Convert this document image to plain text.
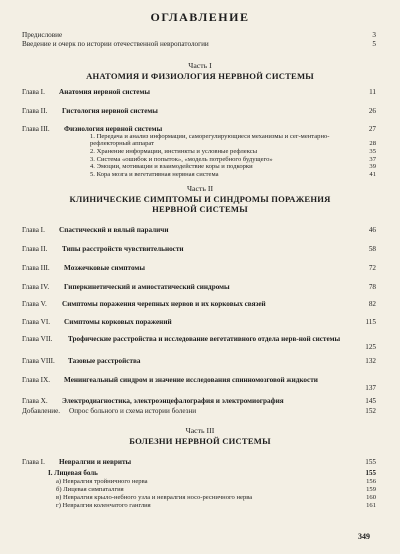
ОГЛАВЛЕНИЕ
Предисловие	3
Введение и очерк по истории отечественной невропатологии	5
Часть I
АНАТОМИЯ И ФИЗИОЛОГИЯ НЕРВНОЙ СИСТЕМЫ
Глава I. Анатомия нервной системы	11
Глава II. Гистология нервной системы	26
Глава III. Физиология нервной системы	27
1. Передача и анализ информации, саморегулирующиеся механизмы и сег-ментарно-рефлекторный аппарат	28
2. Хранение информации, инстинкты и условные рефлексы	35
3. Система «ошибок и попыток», «модель потребного будущего»	37
4. Эмоции, мотивации и взаимодействие коры и подкорки	39
5. Кора мозга и вегетативная нервная система	41
Часть II
КЛИНИЧЕСКИЕ СИМПТОМЫ И СИНДРОМЫ ПОРАЖЕНИЯ
НЕРВНОЙ СИСТЕМЫ
Глава I. Спастический и вялый параличи	46
Глава II. Типы расстройств чувствительности	58
Глава III. Мозжечковые симптомы	72
Глава IV. Гиперкинетический и амиостатический синдромы	78
Глава V. Симптомы поражения черепных нервов и их корковых связей	82
Глава VI. Симптомы корковых поражений	115
Глава VII. Трофические расстройства и исследование вегетативного отдела нерв-ной системы
125
Глава VIII. Тазовые расстройства	132
Глава IX. Менингеальный синдром и значение исследования спинномозговой жидкости
137
Глава X. Электродиагностика, электроэнцефалография и электромиография	145
Добавление. Опрос больного и схема истории болезни	152
Часть III
БОЛЕЗНИ НЕРВНОЙ СИСТЕМЫ
Глава I. Невралгии и невриты	155
I. Лицевая боль	155
а) Невралгия тройничного нерва	156
б) Лицевая симпаталгия	159
в) Невралгия крыло-небного узла и невралгия носо-ресничного нерва	160
г) Невралгия коленчатого ганглия	161
349
